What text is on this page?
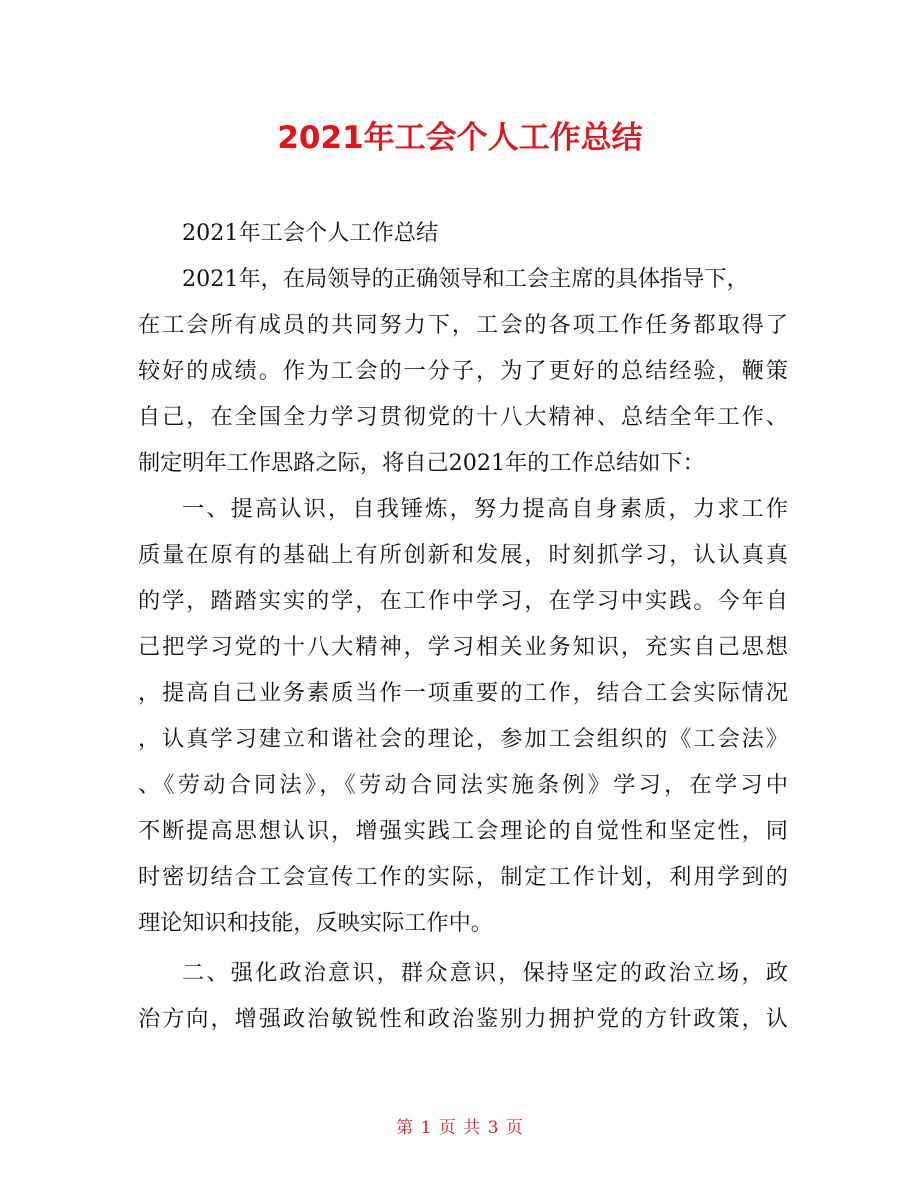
2021年工会个人工作总结
2021年工会个人工作总结
2021年，在局领导的正确领导和工会主席的具体指导下，
在工会所有成员的共同努力下，工会的各项工作任务都取得了
较好的成绩。作为工会的一分子，为了更好的总结经验，鞭策
自己，在全国全力学习贯彻党的十八大精神、总结全年工作、
制定明年工作思路之际，将自己2021年的工作总结如下：
一、提高认识，自我锤炼，努力提高自身素质，力求工作
质量在原有的基础上有所创新和发展，时刻抓学习，认认真真
的学，踏踏实实的学，在工作中学习，在学习中实践。今年自
己把学习党的十八大精神，学习相关业务知识，充实自己思想
，提高自己业务素质当作一项重要的工作，结合工会实际情况
，认真学习建立和谐社会的理论，参加工会组织的《工会法》
、《劳动合同法》，《劳动合同法实施条例》学习，在学习中
不断提高思想认识，增强实践工会理论的自觉性和坚定性，同
时密切结合工会宣传工作的实际，制定工作计划，利用学到的
理论知识和技能，反映实际工作中。
二、强化政治意识，群众意识，保持坚定的政治立场，政
治方向，增强政治敏锐性和政治鉴别力拥护党的方针政策，认
第 1 页 共 3 页
